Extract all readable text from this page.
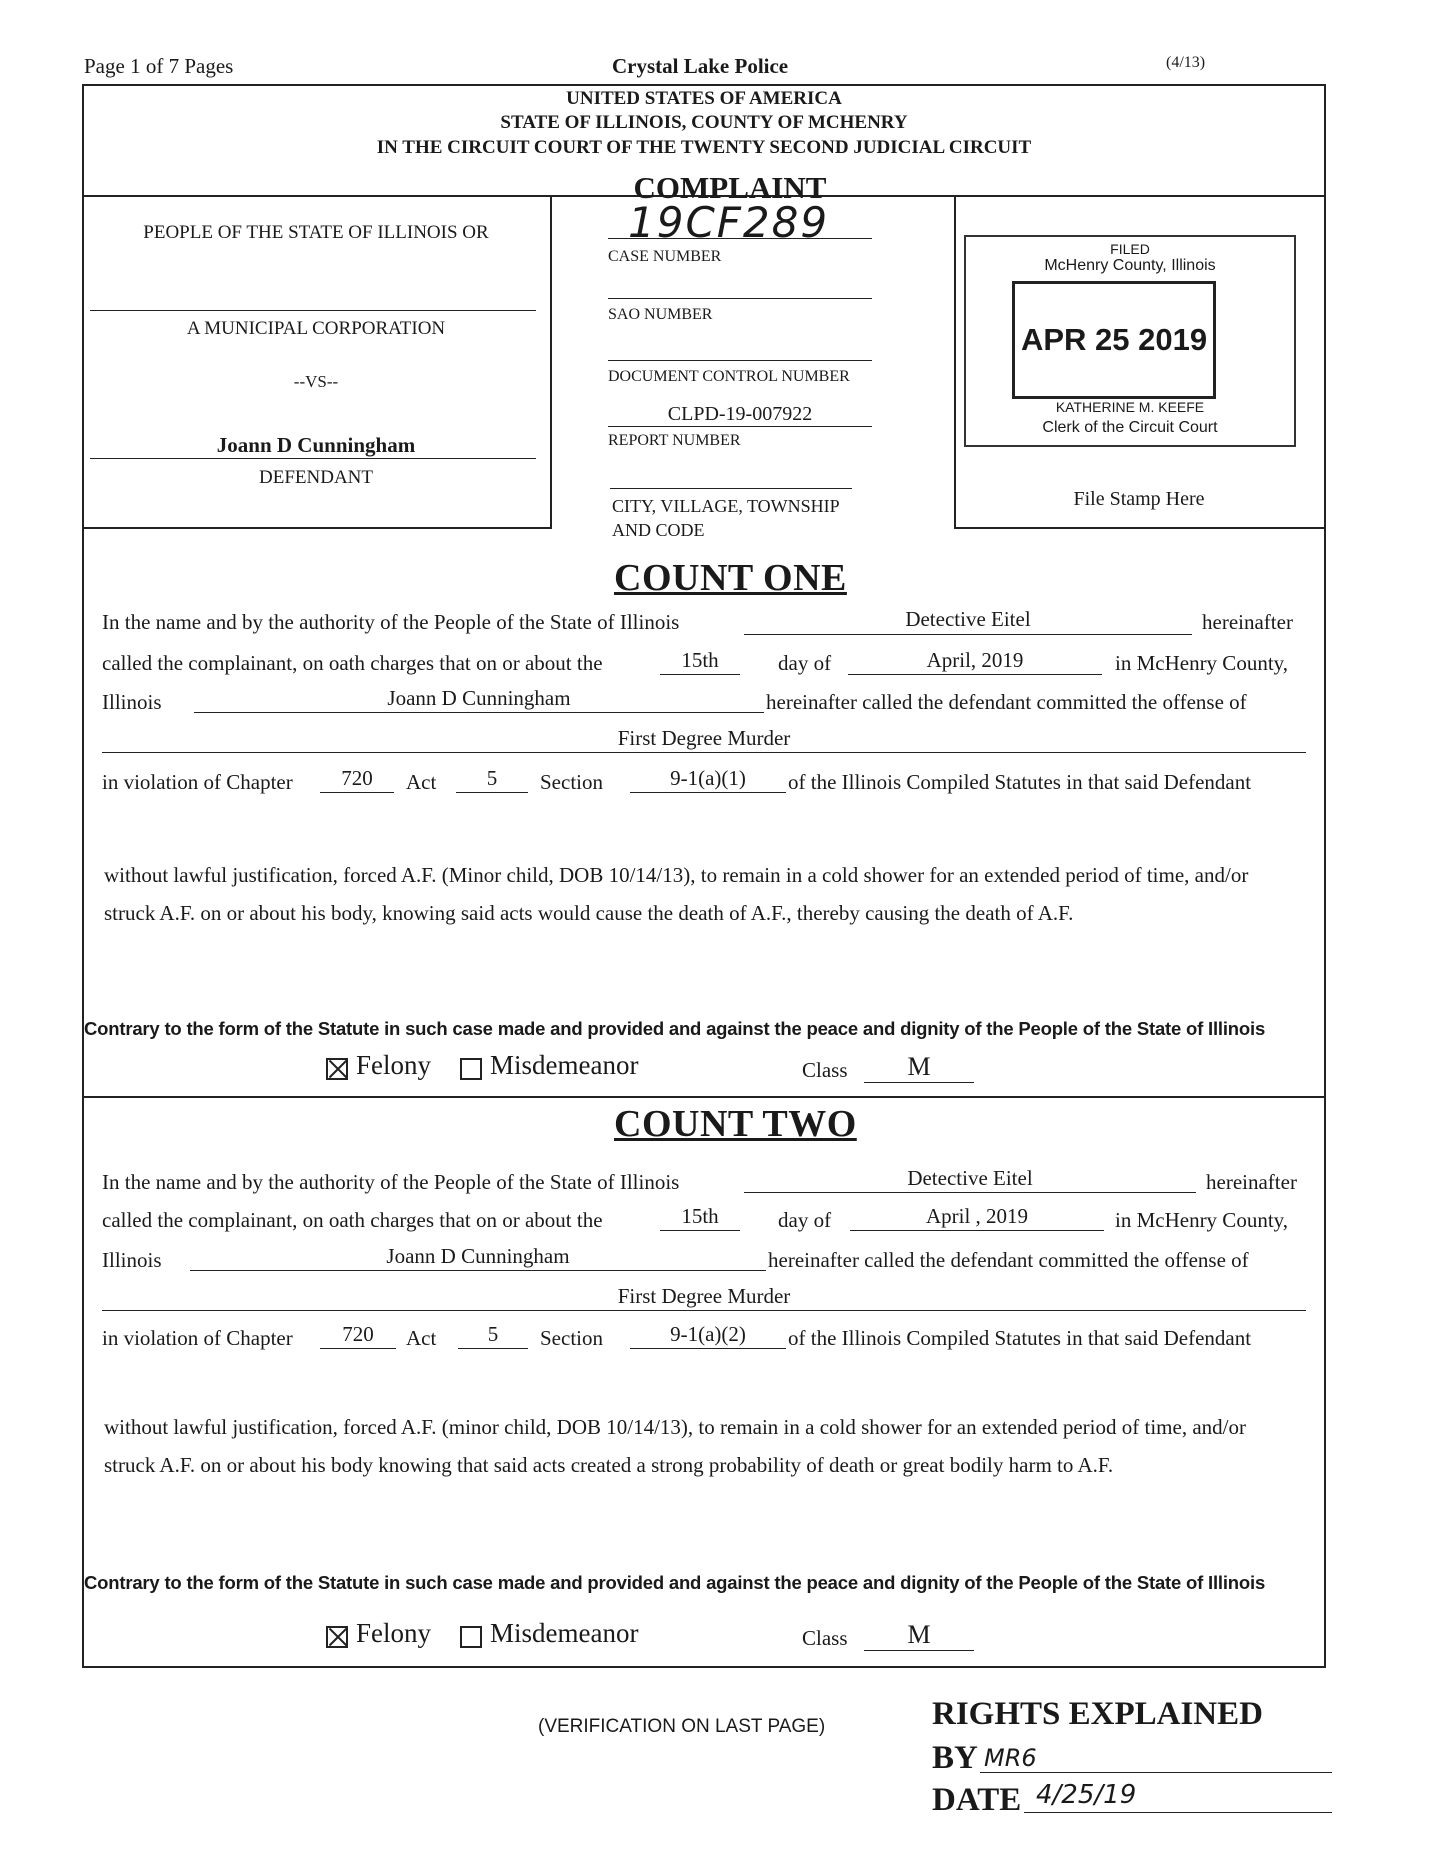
Page 1 of 7 Pages	Crystal Lake Police	(4/13)
UNITED STATES OF AMERICA
STATE OF ILLINOIS, COUNTY OF MCHENRY
IN THE CIRCUIT COURT OF THE TWENTY SECOND JUDICIAL CIRCUIT
PEOPLE OF THE STATE OF ILLINOIS OR
A MUNICIPAL CORPORATION
--VS--
Joann D Cunningham
DEFENDANT
COMPLAINT
19CF289
CASE NUMBER
SAO NUMBER
DOCUMENT CONTROL NUMBER
CLPD-19-007922
REPORT NUMBER
CITY, VILLAGE, TOWNSHIP
AND CODE
FILED
McHenry County, Illinois
APR 25 2019
KATHERINE M. KEEFE
Clerk of the Circuit Court
File Stamp Here
COUNT ONE
In the name and by the authority of the People of the State of Illinois	Detective Eitel	hereinafter
called the complainant, on oath charges that on or about the	15th	day of	April, 2019	in McHenry County,
Illinois	Joann D Cunningham	hereinafter called the defendant committed the offense of
First Degree Murder
in violation of Chapter	720	Act	5	Section	9-1(a)(1)	of the Illinois Compiled Statutes in that said Defendant
without lawful justification, forced A.F. (Minor child, DOB 10/14/13), to remain in a cold shower for an extended period of time, and/or struck A.F. on or about his body, knowing said acts would cause the death of A.F., thereby causing the death of A.F.
Contrary to the form of the Statute in such case made and provided and against the peace and dignity of the People of the State of Illinois
Felony Misdemeanor	Class	M
COUNT TWO
In the name and by the authority of the People of the State of Illinois	Detective Eitel	hereinafter
called the complainant, on oath charges that on or about the	15th	day of	April , 2019	in McHenry County,
Illinois	Joann D Cunningham	hereinafter called the defendant committed the offense of
First Degree Murder
in violation of Chapter	720	Act	5	Section	9-1(a)(2)	of the Illinois Compiled Statutes in that said Defendant
without lawful justification, forced A.F. (minor child, DOB 10/14/13), to remain in a cold shower for an extended period of time, and/or struck A.F. on or about his body knowing that said acts created a strong probability of death or great bodily harm to A.F.
Contrary to the form of the Statute in such case made and provided and against the peace and dignity of the People of the State of Illinois
Felony Misdemeanor	Class	M
(VERIFICATION ON LAST PAGE)	RIGHTS EXPLAINED
BY MR6
DATE 4/25/19
